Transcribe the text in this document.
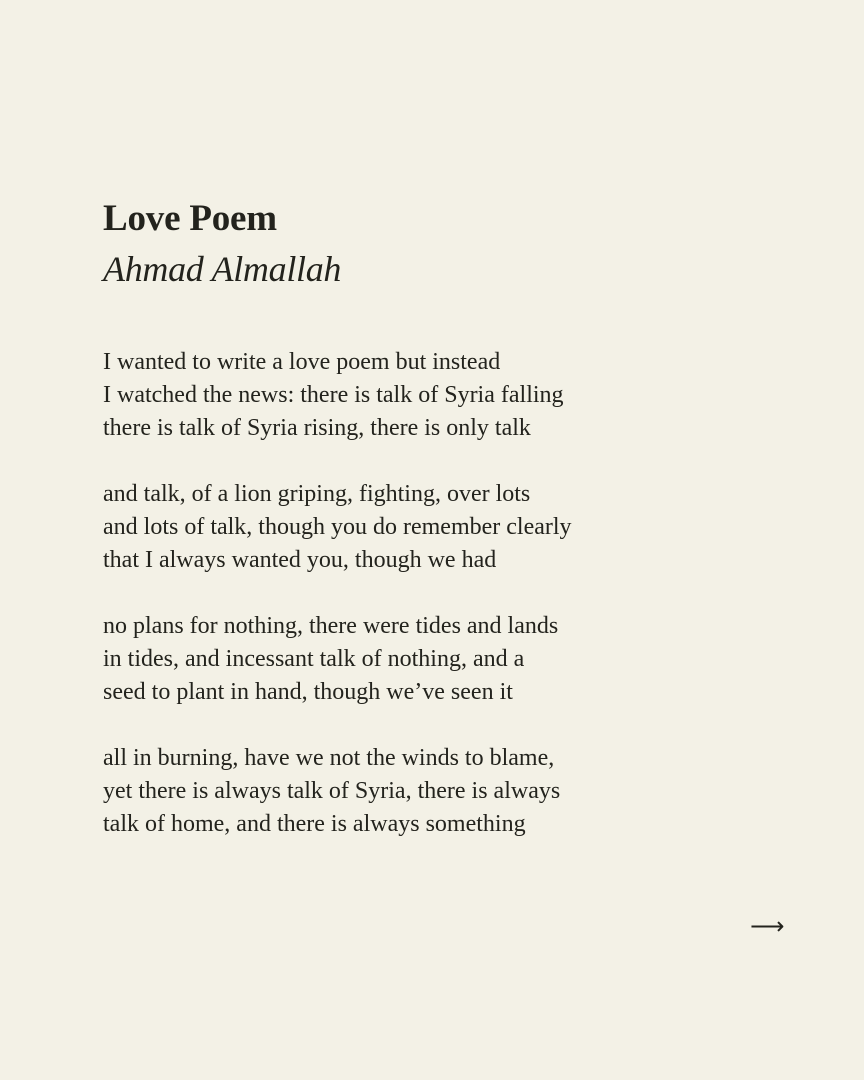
Love Poem
Ahmad Almallah
I wanted to write a love poem but instead
I watched the news: there is talk of Syria falling
there is talk of Syria rising, there is only talk
and talk, of a lion griping, fighting, over lots
and lots of talk, though you do remember clearly
that I always wanted you, though we had
no plans for nothing, there were tides and lands
in tides, and incessant talk of nothing, and a
seed to plant in hand, though we’ve seen it
all in burning, have we not the winds to blame,
yet there is always talk of Syria, there is always
talk of home, and there is always something
⟶
